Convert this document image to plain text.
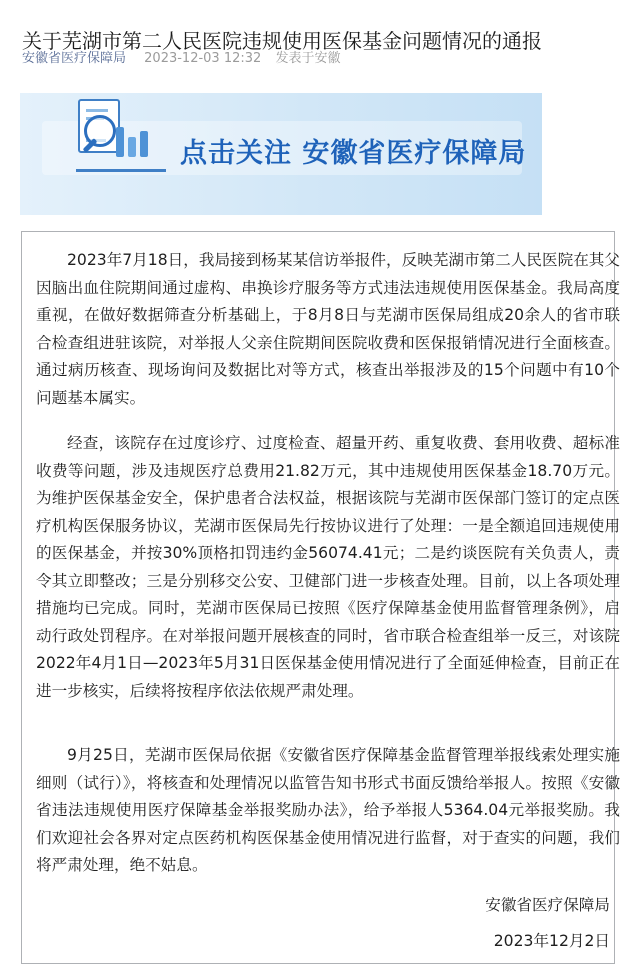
关于芜湖市第二人民医院违规使用医保基金问题情况的通报
安徽省医疗保障局 2023-12-03 12:32 发表于安徽
点击关注 安徽省医疗保障局

2023年7月18日，我局接到杨某某信访举报件，反映芜湖市第二人民医院在其父因脑出血住院期间通过虚构、串换诊疗服务等方式违法违规使用医保基金。我局高度重视，在做好数据筛查分析基础上，于8月8日与芜湖市医保局组成20余人的省市联合检查组进驻该院，对举报人父亲住院期间医院收费和医保报销情况进行全面核查。通过病历核查、现场询问及数据比对等方式，核查出举报涉及的15个问题中有10个问题基本属实。

经查，该院存在过度诊疗、过度检查、超量开药、重复收费、套用收费、超标准收费等问题，涉及违规医疗总费用21.82万元，其中违规使用医保基金18.70万元。为维护医保基金安全，保护患者合法权益，根据该院与芜湖市医保部门签订的定点医疗机构医保服务协议，芜湖市医保局先行按协议进行了处理：一是全额追回违规使用的医保基金，并按30%顶格扣罚违约金56074.41元；二是约谈医院有关负责人，责令其立即整改；三是分别移交公安、卫健部门进一步核查处理。目前，以上各项处理措施均已完成。同时，芜湖市医保局已按照《医疗保障基金使用监督管理条例》，启动行政处罚程序。在对举报问题开展核查的同时，省市联合检查组举一反三，对该院2022年4月1日—2023年5月31日医保基金使用情况进行了全面延伸检查，目前正在进一步核实，后续将按程序依法依规严肃处理。

9月25日，芜湖市医保局依据《安徽省医疗保障基金监督管理举报线索处理实施细则（试行）》，将核查和处理情况以监管告知书形式书面反馈给举报人。按照《安徽省违法违规使用医疗保障基金举报奖励办法》，给予举报人5364.04元举报奖励。我们欢迎社会各界对定点医药机构医保基金使用情况进行监督，对于查实的问题，我们将严肃处理，绝不姑息。

安徽省医疗保障局
2023年12月2日
